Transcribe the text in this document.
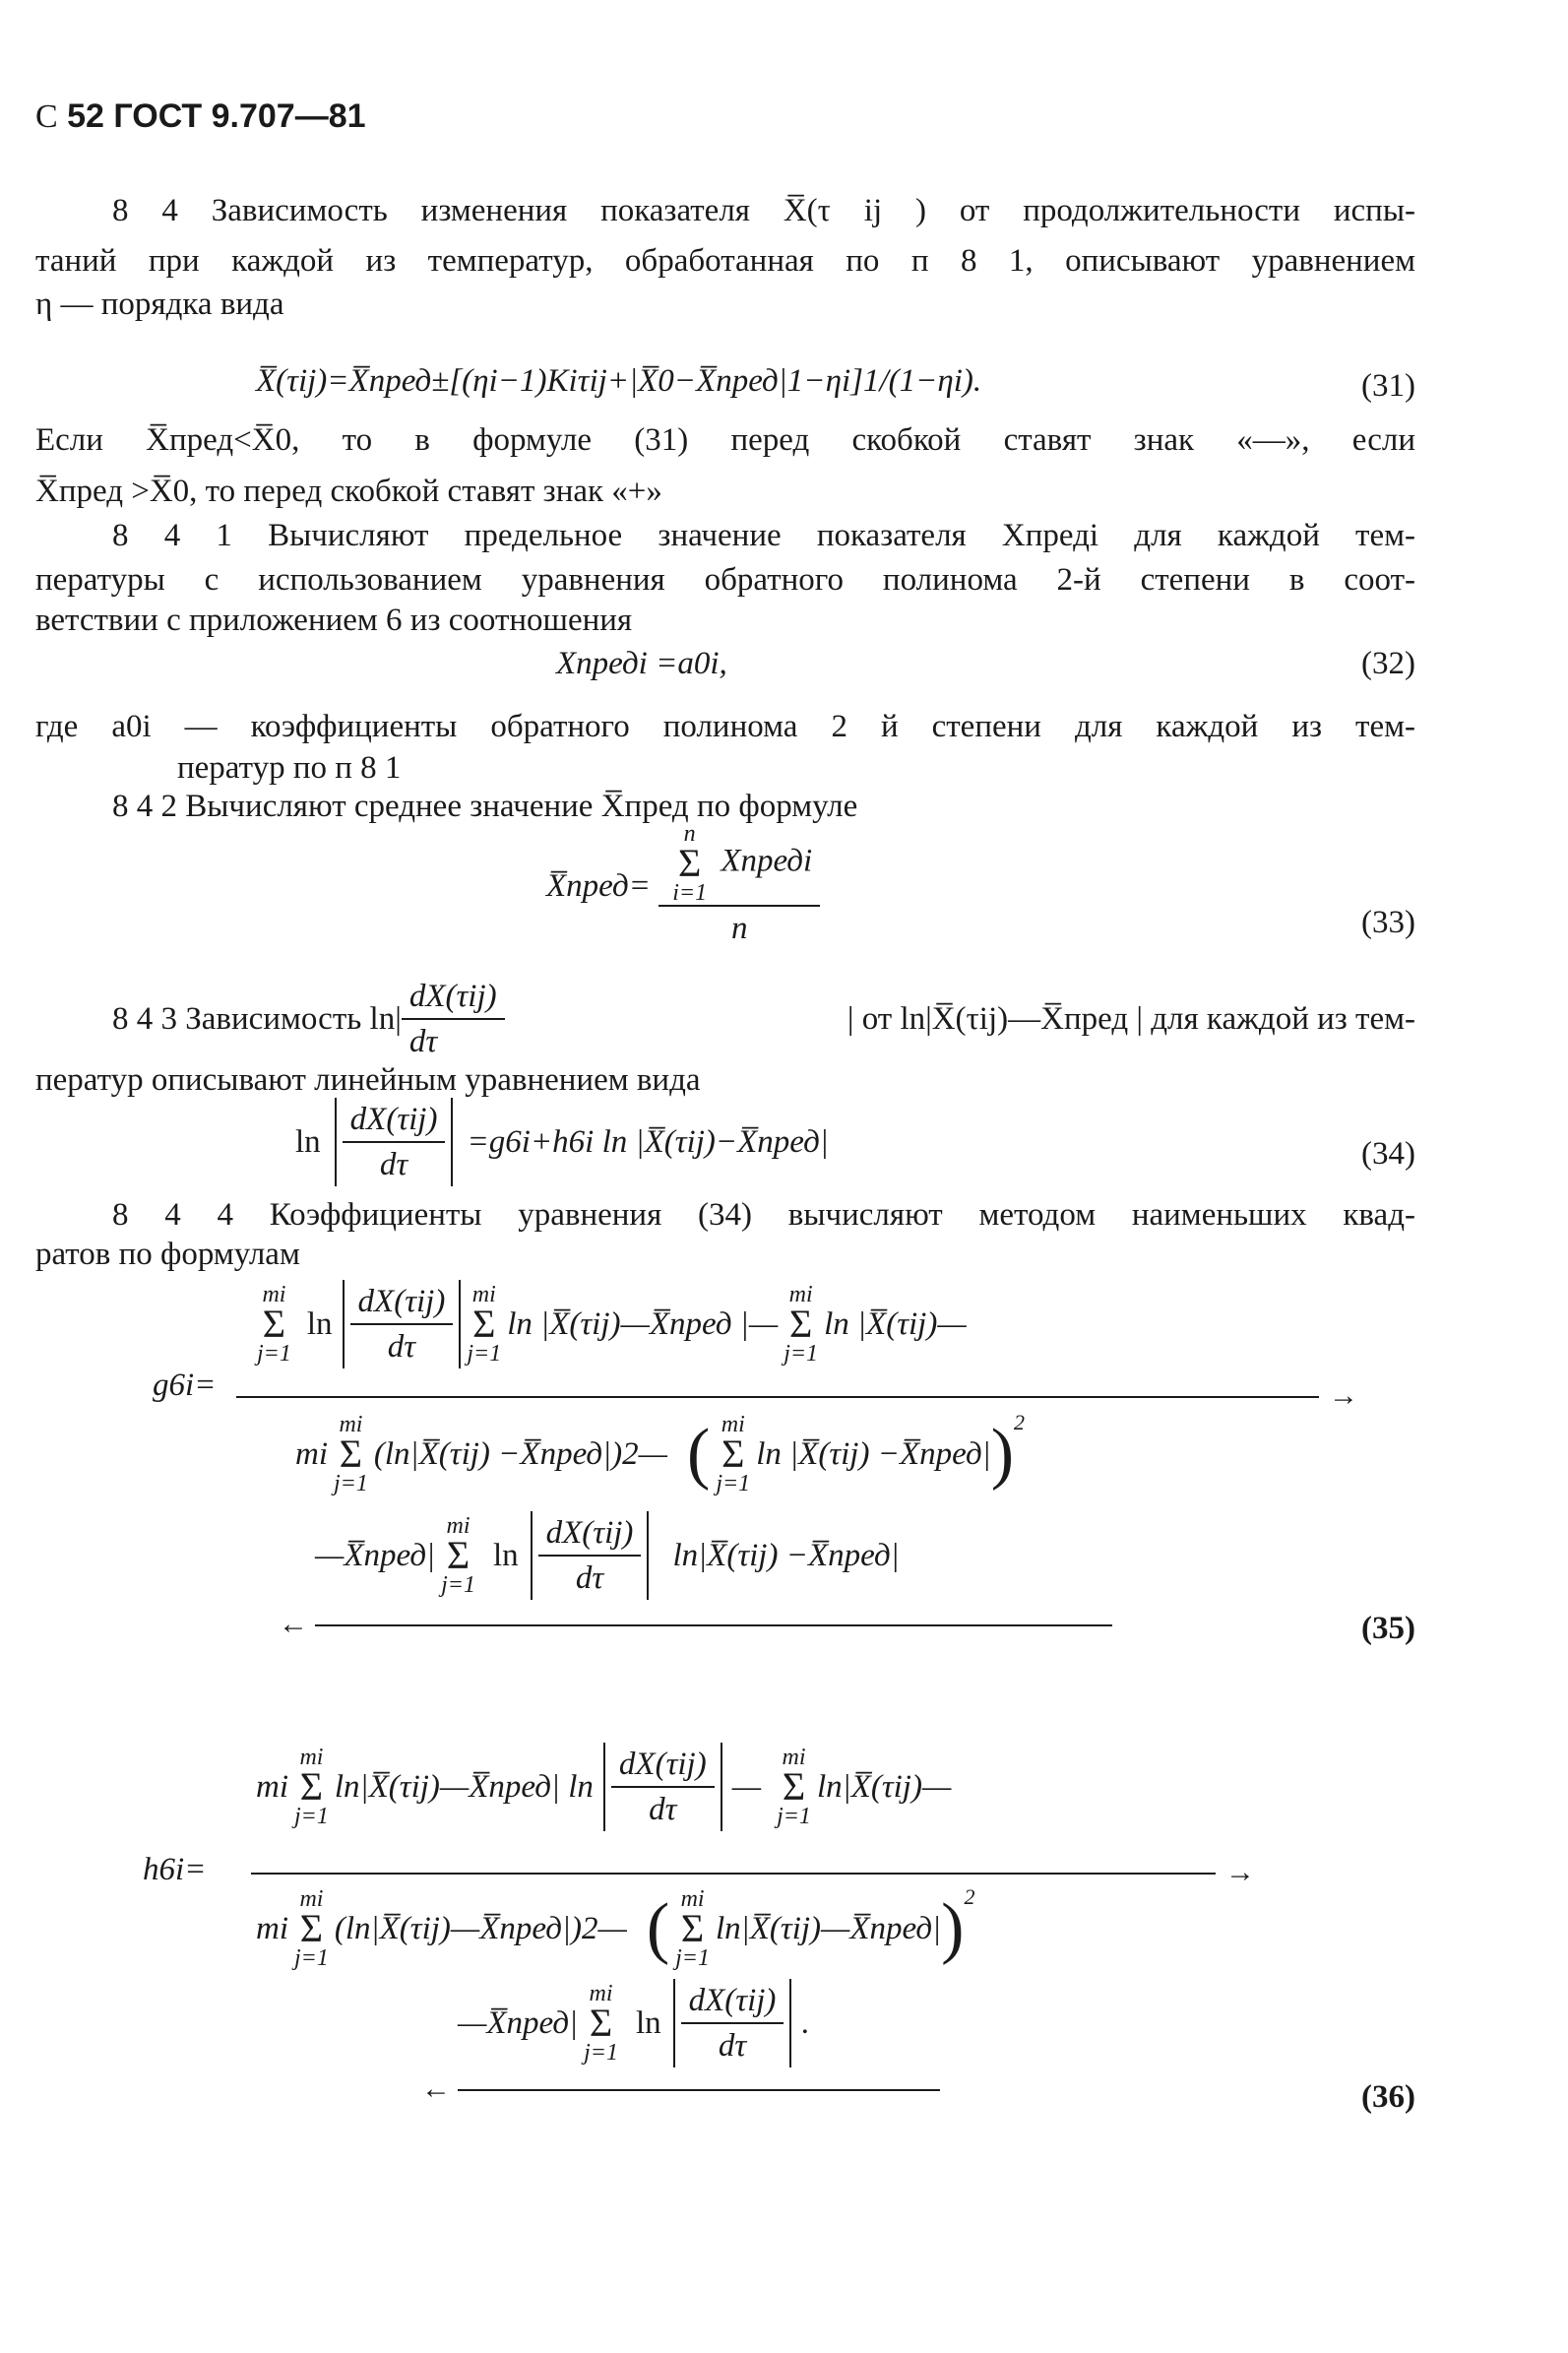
С 52 ГОСТ 9.707—81
8 4 Зависимость изменения показателя X̅(τ ij ) от продолжительности испы-
таний при каждой из температур, обработанная по п 8 1, описывают уравнением
η — порядка вида
X̅(τij)=X̅пред±[(ηi−1)Kiτij+|X̅0−X̅пред|1−ηi]1/(1−ηi).	(31)
Если X̅пред<X̅0, то в формуле (31) перед скобкой ставят знак «—», если
X̅пред >X̅0, то перед скобкой ставят знак «+»
8 4 1 Вычисляют предельное значение показателя Xпредi для каждой тем-
пературы с использованием уравнения обратного полинома 2-й степени в соот-
ветствии с приложением 6 из соотношения
Xпредi =a0i,	(32)
где a0i — коэффициенты обратного полинома 2 й степени для каждой из тем-
ператур по п 8 1
8 4 2 Вычисляют среднее значение X̅пред по формуле
X̅пред= n
Σ
i=1 Xпредi
n	(33)
8 4 3 Зависимость $\ln| \frac{\text{dX(τij)}}{d\tau}$	| от ln|X̅(τij)—X̅пред | для каждой из тем-
ператур описывают линейным уравнением вида
$\ln \frac{\text{dX(τij)}}{d\tau} =g6i+h6i$ ln |X̅(τij)−X̅пред|	(34)
8 4 4 Коэффициенты уравнения (34) вычисляют методом наименьших квад-
ратов по формулам
g6i=
mi
Σ
j=1
$\ln \frac{\text{dX(τij)}}{d\tau}$ mi
Σ
j=1
ln |X̅(τij)—X̅пред |—
mi
Σ
j=1
ln |X̅(τij)—
→
mi
mi
Σ
j=1
(ln|X̅(τij) −X̅пред|)2— ( mi
Σ
j=1
ln |X̅(τij) −X̅пред| )$^2$
—X̅пред|
mi
Σ
j=1
$\ln \frac{\text{dX(τij)}}{d\tau}$ ln|X̅(τij) −X̅пред|
←	(35)
h6i=
mi
mi
Σ
j=1
ln|X̅(τij)—X̅пред| $\ln \frac{\text{dX(τij)}}{d\tau}$ —
mi
Σ
j=1
ln|X̅(τij)—
→
mi
mi
Σ
j=1
(ln|X̅(τij)—X̅пред|)2— ( mi
Σ
j=1
ln|X̅(τij)—X̅пред| )$^2$
—X̅пред|
mi
Σ
j=1
$\ln \frac{\text{dX(τij)}}{d\tau}$ .
←	(36)
